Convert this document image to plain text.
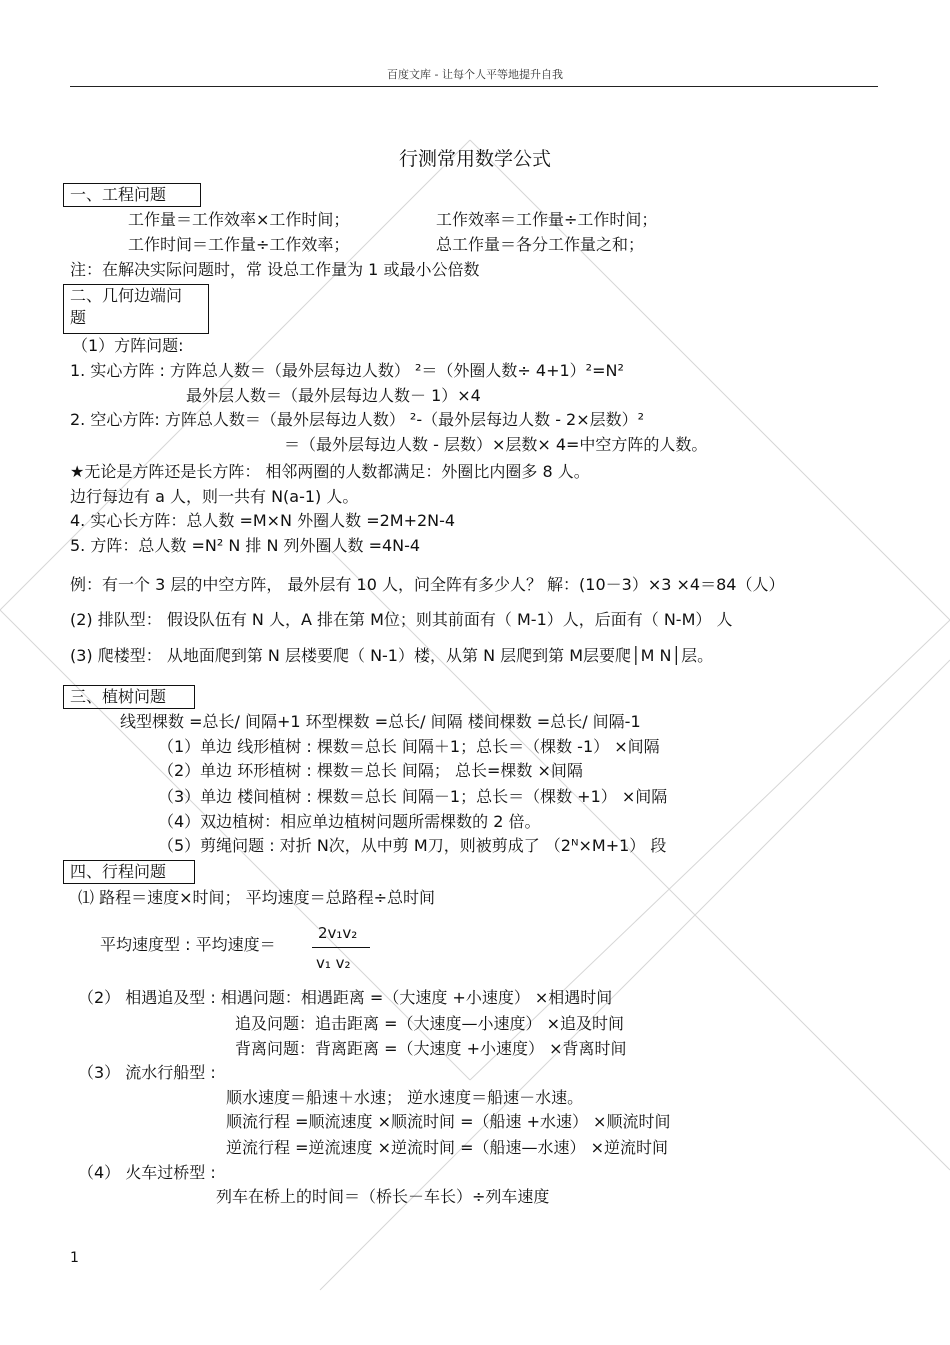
百度文库 - 让每个人平等地提升自我
行测常用数学公式
一、工程问题
工作量＝工作效率×工作时间；	工作效率＝工作量÷工作时间；
工作时间＝工作量÷工作效率；	总工作量＝各分工作量之和；
注：在解决实际问题时，常 设总工作量为 1 或最小公倍数
二、几何边端问
题
（1）方阵问题:
1. 实心方阵 : 方阵总人数＝（最外层每边人数） ²＝（外圈人数÷ 4+1）²=N²
最外层人数＝（最外层每边人数－ 1）×4
2. 空心方阵: 方阵总人数＝（最外层每边人数） ²-（最外层每边人数 - 2×层数）²
＝（最外层每边人数 - 层数）×层数× 4=中空方阵的人数。
★无论是方阵还是长方阵： 相邻两圈的人数都满足：外圈比内圈多 8 人。
边行每边有 a 人，则一共有 N(a-1) 人。
4. 实心长方阵：总人数 =M×N 外圈人数 =2M+2N-4
5. 方阵：总人数 =N² N 排 N 列外圈人数 =4N-4
例：有一个 3 层的中空方阵， 最外层有 10 人，问全阵有多少人？ 解：(10－3）×3 ×4＝84（人）
(2) 排队型： 假设队伍有 N 人，A 排在第 M位；则其前面有（ M-1）人，后面有（ N-M） 人
(3) 爬楼型： 从地面爬到第 N 层楼要爬（ N-1）楼，从第 N 层爬到第 M层要爬│M N│层。
三、植树问题
线型棵数 =总长/ 间隔+1 环型棵数 =总长/ 间隔 楼间棵数 =总长/ 间隔-1
（1）单边 线形植树 : 棵数＝总长 间隔＋1；总长＝（棵数 -1） ×间隔
（2）单边 环形植树 : 棵数＝总长 间隔； 总长=棵数 ×间隔
（3）单边 楼间植树 : 棵数＝总长 间隔－1；总长＝（棵数 +1） ×间隔
（4）双边植树：相应单边植树问题所需棵数的 2 倍。
（5）剪绳问题 : 对折 N次，从中剪 M刀，则被剪成了 （2ᴺ×M+1） 段
四、行程问题
⑴ 路程＝速度×时间； 平均速度＝总路程÷总时间
平均速度型 : 平均速度＝
2v₁v₂
v₁ v₂
（2） 相遇追及型 : 相遇问题：相遇距离 =（大速度 +小速度） ×相遇时间
追及问题：追击距离 =（大速度—小速度） ×追及时间
背离问题：背离距离 =（大速度 +小速度） ×背离时间
（3） 流水行船型 :
顺水速度＝船速＋水速； 逆水速度＝船速－水速。
顺流行程 =顺流速度 ×顺流时间 =（船速 +水速） ×顺流时间
逆流行程 =逆流速度 ×逆流时间 =（船速—水速） ×逆流时间
（4） 火车过桥型 :
列车在桥上的时间＝（桥长－车长）÷列车速度
1
